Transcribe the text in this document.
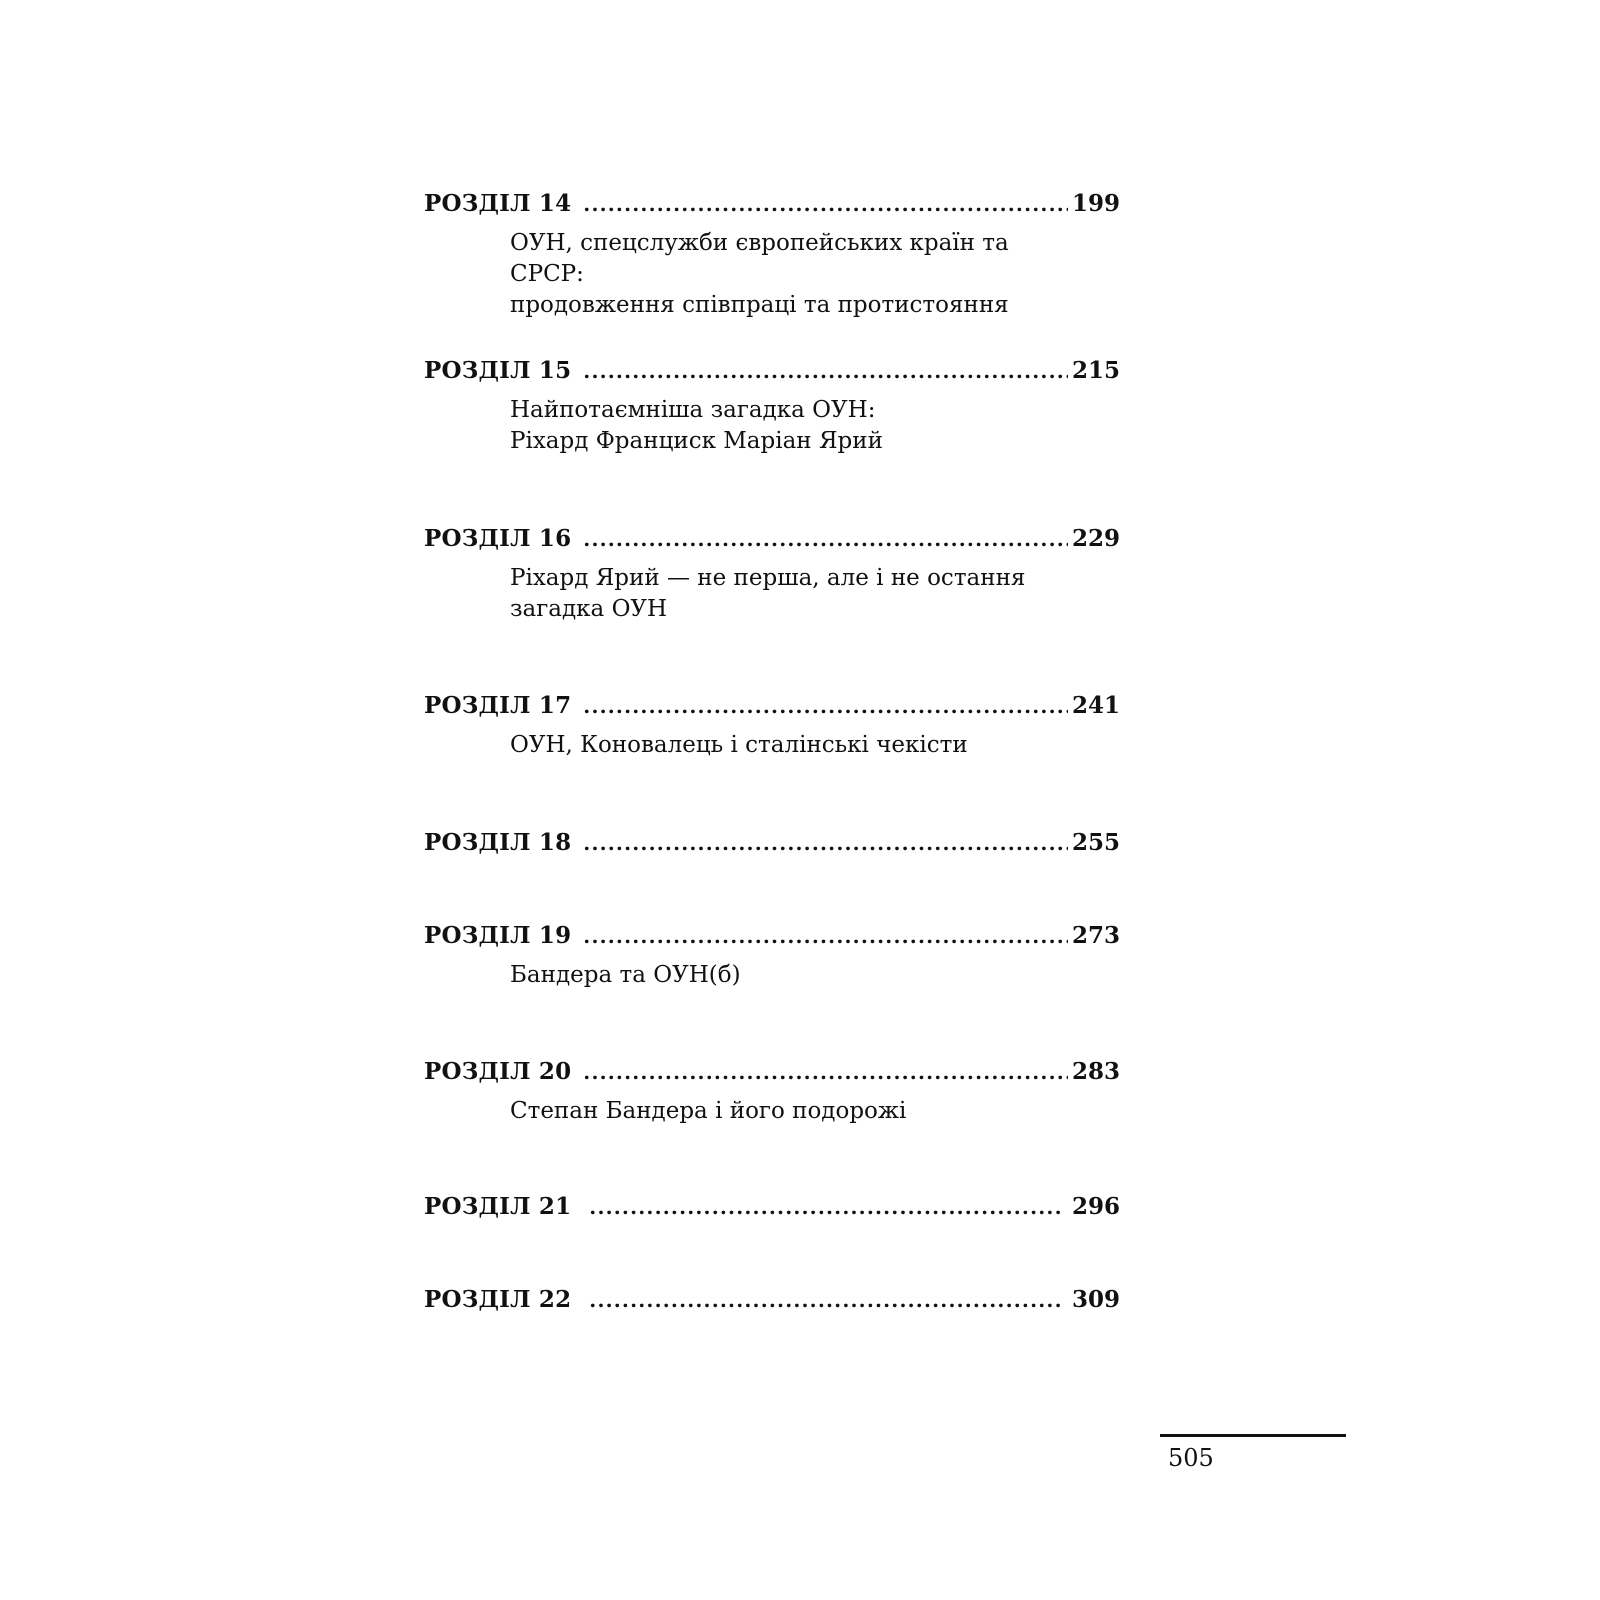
РОЗДІЛ 14 .....	199
ОУН, спецслужби європейських країн та СРСР:
продовження співпраці та протистояння
РОЗДІЛ 15 .....	215
Найпотаємніша загадка ОУН:
Ріхард Франциск Маріан Ярий
РОЗДІЛ 16 .....	229
Ріхард Ярий — не перша, але і не остання
загадка ОУН
РОЗДІЛ 17 .....	241
ОУН, Коновалець і сталінські чекісти
РОЗДІЛ 18 .....	255
РОЗДІЛ 19 .....	273
Бандера та ОУН(б)
РОЗДІЛ 20 .....	283
Степан Бандера і його подорожі
РОЗДІЛ 21 .....	296
РОЗДІЛ 22 .....	309
505
